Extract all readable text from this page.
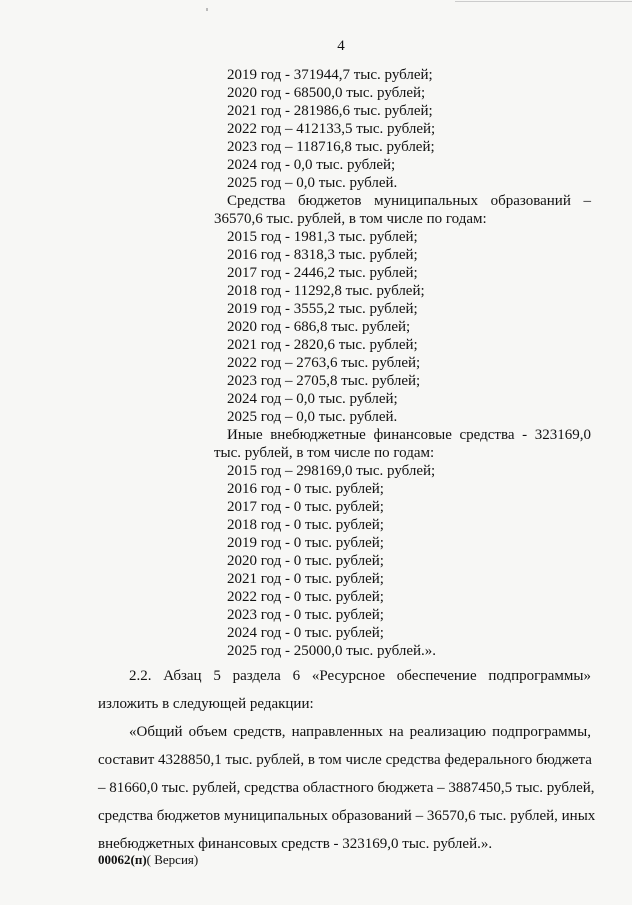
4
2019 год - 371944,7 тыс. рублей;
2020 год - 68500,0 тыс. рублей;
2021 год - 281986,6 тыс. рублей;
2022 год – 412133,5 тыс. рублей;
2023 год – 118716,8 тыс. рублей;
2024 год - 0,0 тыс. рублей;
2025 год – 0,0 тыс. рублей.
Средства бюджетов муниципальных образований –
36570,6 тыс. рублей, в том числе по годам:
2015 год - 1981,3 тыс. рублей;
2016 год - 8318,3 тыс. рублей;
2017 год - 2446,2 тыс. рублей;
2018 год - 11292,8 тыс. рублей;
2019 год - 3555,2 тыс. рублей;
2020 год - 686,8 тыс. рублей;
2021 год - 2820,6 тыс. рублей;
2022 год – 2763,6 тыс. рублей;
2023 год – 2705,8 тыс. рублей;
2024 год – 0,0 тыс. рублей;
2025 год – 0,0 тыс. рублей.
Иные внебюджетные финансовые средства - 323169,0
тыс. рублей, в том числе по годам:
2015 год – 298169,0 тыс. рублей;
2016 год - 0 тыс. рублей;
2017 год - 0 тыс. рублей;
2018 год - 0 тыс. рублей;
2019 год - 0 тыс. рублей;
2020 год - 0 тыс. рублей;
2021 год - 0 тыс. рублей;
2022 год - 0 тыс. рублей;
2023 год - 0 тыс. рублей;
2024 год - 0 тыс. рублей;
2025 год - 25000,0 тыс. рублей.».
2.2. Абзац 5 раздела 6 «Ресурсное обеспечение подпрограммы»
изложить в следующей редакции:
«Общий объем средств, направленных на реализацию подпрограммы,
составит 4328850,1 тыс. рублей, в том числе средства федерального бюджета
– 81660,0 тыс. рублей, средства областного бюджета – 3887450,5 тыс. рублей,
средства бюджетов муниципальных образований – 36570,6 тыс. рублей, иных
внебюджетных финансовых средств - 323169,0 тыс. рублей.».
00062(п)( Версия)
